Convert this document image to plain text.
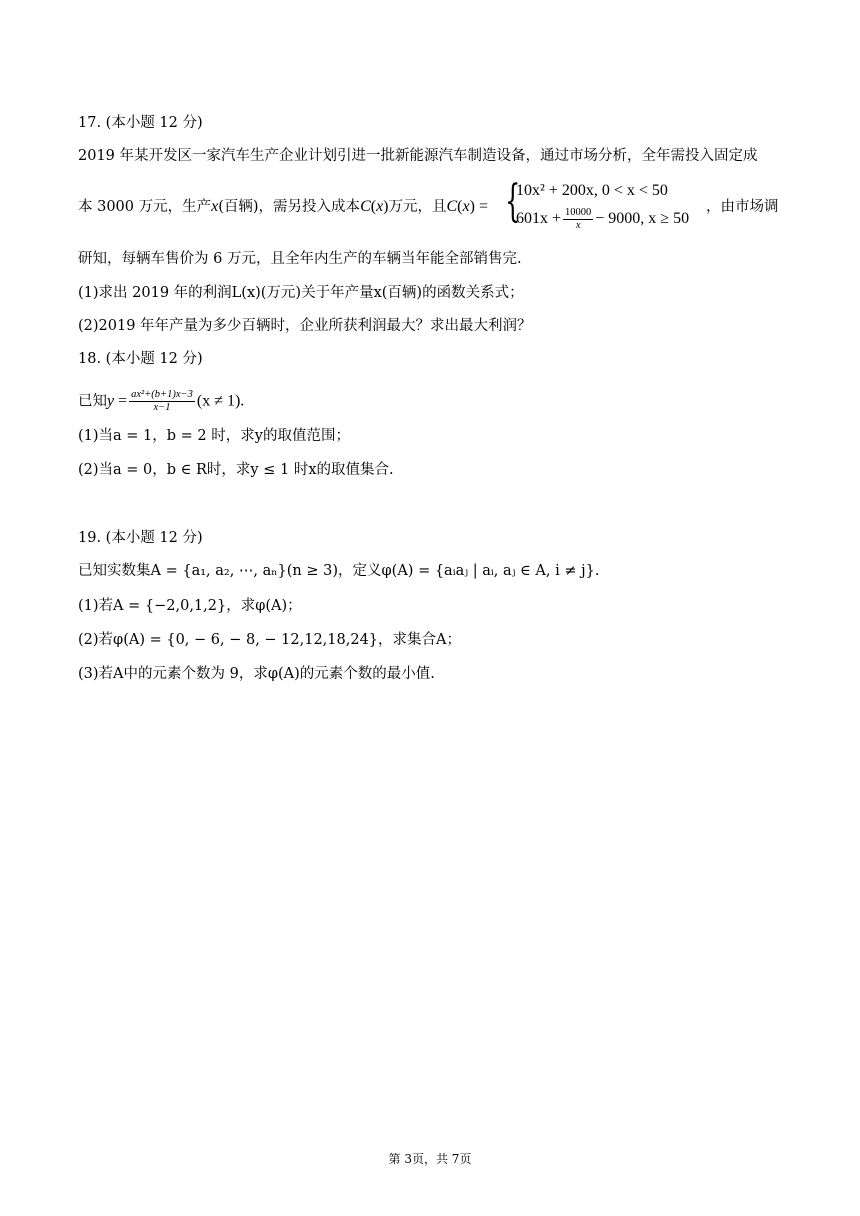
17. (本小题 12 分)
2019 年某开发区一家汽车生产企业计划引进一批新能源汽车制造设备，通过市场分析，全年需投入固定成
本 3000 万元，生产x(百辆)，需另投入成本C(x)万元，且C(x) = {
10x² + 200x, 0 < x < 50
$601x + \frac{10000}{x} - 9000$, x ≥ 50
，由市场调
研知，每辆车售价为 6 万元，且全年内生产的车辆当年能全部销售完.
(1)求出 2019 年的利润L(x)(万元)关于年产量x(百辆)的函数关系式；
(2)2019 年年产量为多少百辆时，企业所获利润最大？求出最大利润？
18. (本小题 12 分)
已知$y = \frac{\text{ax²+(b+1)x−3}}{x-1} (x \ne 1)$.
(1)当a = 1，b = 2 时，求y的取值范围；
(2)当a = 0，b ∈ R时，求y ≤ 1 时x的取值集合.
19. (本小题 12 分)
已知实数集A = {a₁, a₂, ⋯, aₙ}(n ≥ 3)，定义φ(A) = {aᵢaⱼ | aᵢ, aⱼ ∈ A, i ≠ j}.
(1)若A = {−2,0,1,2}，求φ(A)；
(2)若φ(A) = {0, − 6, − 8, − 12,12,18,24}，求集合A；
(3)若A中的元素个数为 9，求φ(A)的元素个数的最小值.
第 3页，共 7页
